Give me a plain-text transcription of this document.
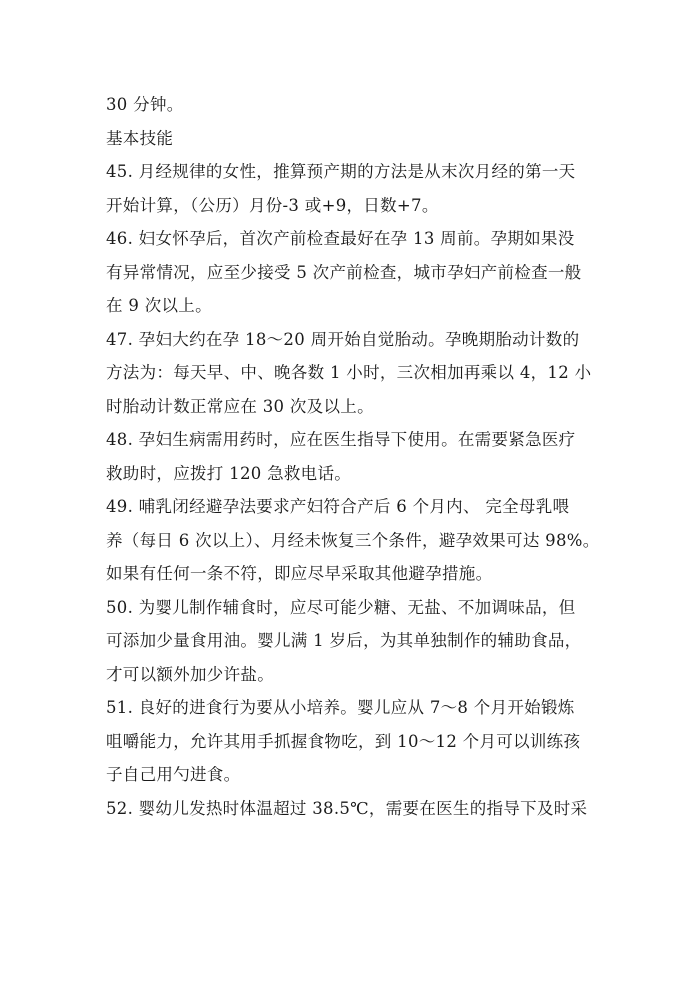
30 分钟。
基本技能
45. 月经规律的女性，推算预产期的方法是从末次月经的第一天
开始计算，（公历）月份-3 或+9，日数+7。
46. 妇女怀孕后，首次产前检查最好在孕 13 周前。孕期如果没
有异常情况，应至少接受 5 次产前检查，城市孕妇产前检查一般
在 9 次以上。
47. 孕妇大约在孕 18～20 周开始自觉胎动。孕晚期胎动计数的
方法为：每天早、中、晚各数 1 小时，三次相加再乘以 4，12 小
时胎动计数正常应在 30 次及以上。
48. 孕妇生病需用药时，应在医生指导下使用。在需要紧急医疗
救助时，应拨打 120 急救电话。
49. 哺乳闭经避孕法要求产妇符合产后 6 个月内、 完全母乳喂
养（每日 6 次以上）、月经未恢复三个条件，避孕效果可达 98%。
如果有任何一条不符，即应尽早采取其他避孕措施。
50. 为婴儿制作辅食时，应尽可能少糖、无盐、不加调味品，但
可添加少量食用油。婴儿满 1 岁后，为其单独制作的辅助食品，
才可以额外加少许盐。
51. 良好的进食行为要从小培养。婴儿应从 7～8 个月开始锻炼
咀嚼能力，允许其用手抓握食物吃，到 10～12 个月可以训练孩
子自己用勺进食。
52. 婴幼儿发热时体温超过 38.5℃，需要在医生的指导下及时采
